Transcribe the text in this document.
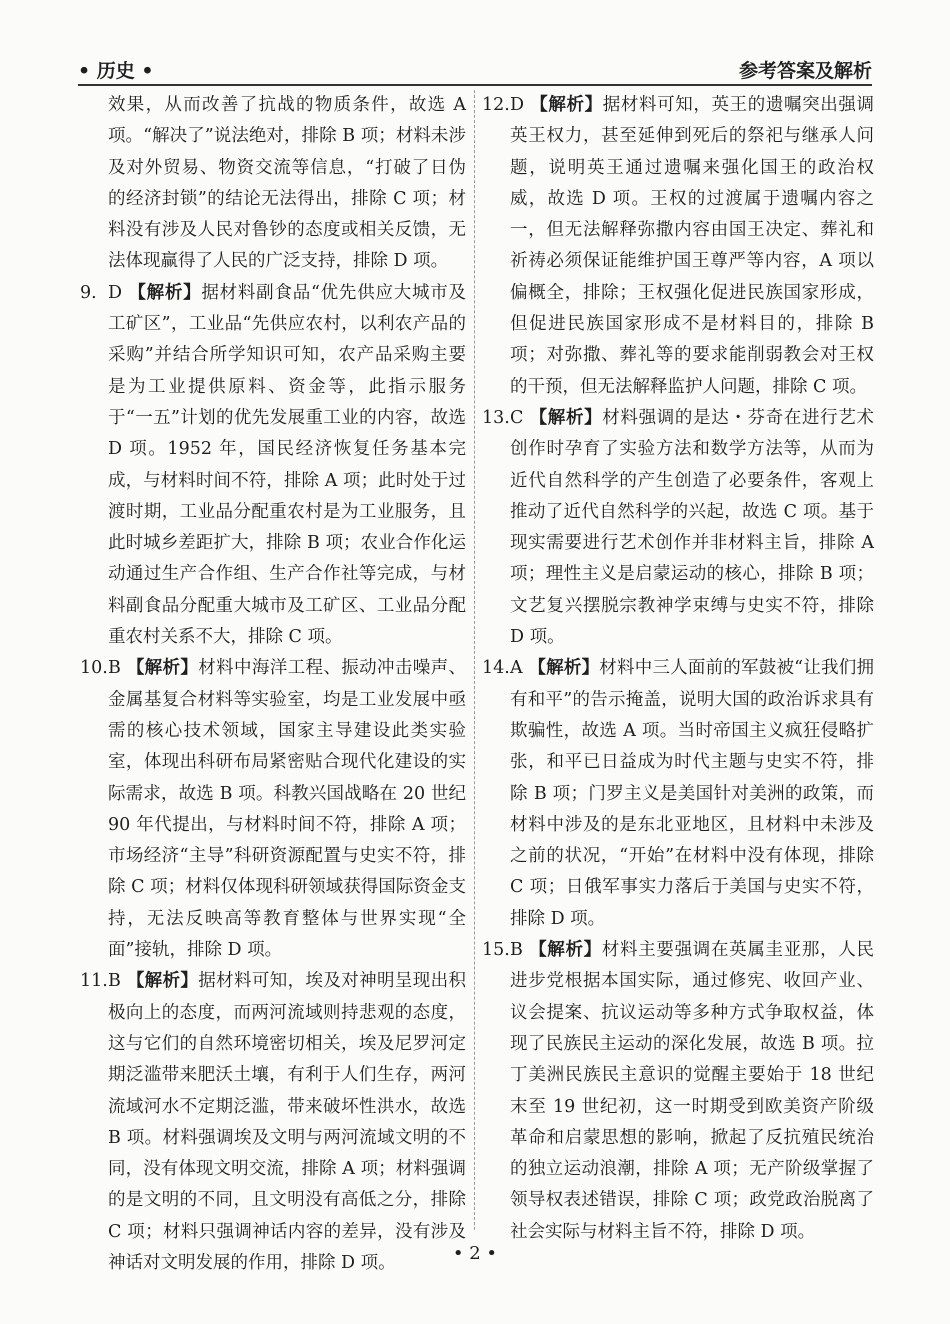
• 历史 •	参考答案及解析

效果，从而改善了抗战的物质条件，故选 A 项。“解决了”说法绝对，排除 B 项；材料未涉及对外贸易、物资交流等信息，“打破了日伪的经济封锁”的结论无法得出，排除 C 项；材料没有涉及人民对鲁钞的态度或相关反馈，无法体现赢得了人民的广泛支持，排除 D 项。

9. D 【解析】据材料副食品“优先供应大城市及工矿区”，工业品“先供应农村，以利农产品的采购”并结合所学知识可知，农产品采购主要是为工业提供原料、资金等，此指示服务于“一五”计划的优先发展重工业的内容，故选 D 项。1952 年，国民经济恢复任务基本完成，与材料时间不符，排除 A 项；此时处于过渡时期，工业品分配重农村是为工业服务，且此时城乡差距扩大，排除 B 项；农业合作化运动通过生产合作组、生产合作社等完成，与材料副食品分配重大城市及工矿区、工业品分配重农村关系不大，排除 C 项。
10. B 【解析】材料中海洋工程、振动冲击噪声、金属基复合材料等实验室，均是工业发展中亟需的核心技术领域，国家主导建设此类实验室，体现出科研布局紧密贴合现代化建设的实际需求，故选 B 项。科教兴国战略在 20 世纪 90 年代提出，与材料时间不符，排除 A 项；市场经济“主导”科研资源配置与史实不符，排除 C 项；材料仅体现科研领域获得国际资金支持，无法反映高等教育整体与世界实现“全面”接轨，排除 D 项。
11. B 【解析】据材料可知，埃及对神明呈现出积极向上的态度，而两河流域则持悲观的态度，这与它们的自然环境密切相关，埃及尼罗河定期泛滥带来肥沃土壤，有利于人们生存，两河流域河水不定期泛滥，带来破坏性洪水，故选 B 项。材料强调埃及文明与两河流域文明的不同，没有体现文明交流，排除 A 项；材料强调的是文明的不同，且文明没有高低之分，排除 C 项；材料只强调神话内容的差异，没有涉及神话对文明发展的作用，排除 D 项。
12. D 【解析】据材料可知，英王的遗嘱突出强调英王权力，甚至延伸到死后的祭祀与继承人问题，说明英王通过遗嘱来强化国王的政治权威，故选 D 项。王权的过渡属于遗嘱内容之一，但无法解释弥撒内容由国王决定、葬礼和祈祷必须保证能维护国王尊严等内容，A 项以偏概全，排除；王权强化促进民族国家形成，但促进民族国家形成不是材料目的，排除 B 项；对弥撒、葬礼等的要求能削弱教会对王权的干预，但无法解释监护人问题，排除 C 项。
13. C 【解析】材料强调的是达・芬奇在进行艺术创作时孕育了实验方法和数学方法等，从而为近代自然科学的产生创造了必要条件，客观上推动了近代自然科学的兴起，故选 C 项。基于现实需要进行艺术创作并非材料主旨，排除 A 项；理性主义是启蒙运动的核心，排除 B 项；文艺复兴摆脱宗教神学束缚与史实不符，排除 D 项。
14. A 【解析】材料中三人面前的军鼓被“让我们拥有和平”的告示掩盖，说明大国的政治诉求具有欺骗性，故选 A 项。当时帝国主义疯狂侵略扩张，和平已日益成为时代主题与史实不符，排除 B 项；门罗主义是美国针对美洲的政策，而材料中涉及的是东北亚地区，且材料中未涉及之前的状况，“开始”在材料中没有体现，排除 C 项；日俄军事实力落后于美国与史实不符，排除 D 项。
15. B 【解析】材料主要强调在英属圭亚那，人民进步党根据本国实际，通过修宪、收回产业、议会提案、抗议运动等多种方式争取权益，体现了民族民主运动的深化发展，故选 B 项。拉丁美洲民族民主意识的觉醒主要始于 18 世纪末至 19 世纪初，这一时期受到欧美资产阶级革命和启蒙思想的影响，掀起了反抗殖民统治的独立运动浪潮，排除 A 项；无产阶级掌握了领导权表述错误，排除 C 项；政党政治脱离了社会实际与材料主旨不符，排除 D 项。
• 2 •
